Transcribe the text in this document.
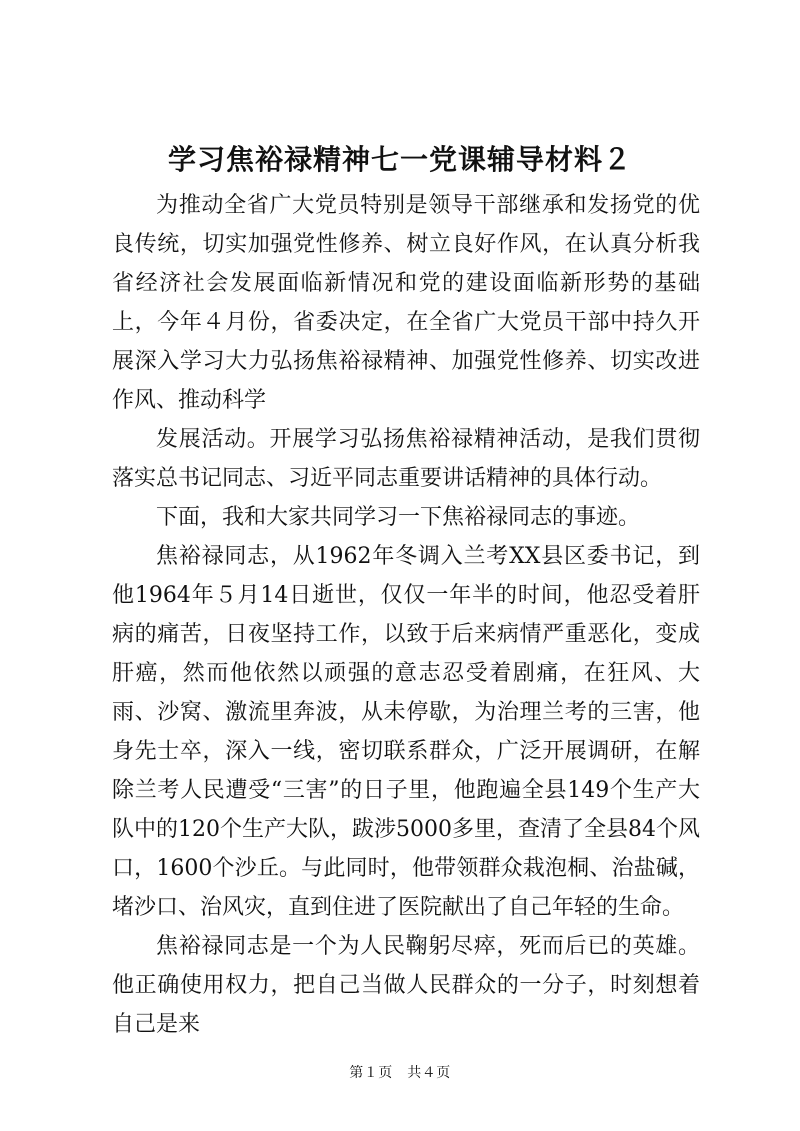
学习焦裕禄精神七一党课辅导材料２

为推动全省广大党员特别是领导干部继承和发扬党的优良传统，切实加强党性修养、树立良好作风，在认真分析我省经济社会发展面临新情况和党的建设面临新形势的基础上，今年４月份，省委决定，在全省广大党员干部中持久开展深入学习大力弘扬焦裕禄精神、加强党性修养、切实改进作风、推动科学

发展活动。开展学习弘扬焦裕禄精神活动，是我们贯彻落实总书记同志、习近平同志重要讲话精神的具体行动。

下面，我和大家共同学习一下焦裕禄同志的事迹。

焦裕禄同志，从1962年冬调入兰考XX县区委书记，到他1964年５月14日逝世，仅仅一年半的时间，他忍受着肝病的痛苦，日夜坚持工作，以致于后来病情严重恶化，变成肝癌，然而他依然以顽强的意志忍受着剧痛，在狂风、大雨、沙窝、激流里奔波，从未停歇，为治理兰考的三害，他身先士卒，深入一线，密切联系群众，广泛开展调研，在解除兰考人民遭受“三害”的日子里，他跑遍全县149个生产大队中的120个生产大队，跋涉5000多里，查清了全县84个风口，1600个沙丘。与此同时，他带领群众栽泡桐、治盐碱，堵沙口、治风灾，直到住进了医院献出了自己年轻的生命。

焦裕禄同志是一个为人民鞠躬尽瘁，死而后已的英雄。他正确使用权力，把自己当做人民群众的一分子，时刻想着自己是来

第１页　共４页
